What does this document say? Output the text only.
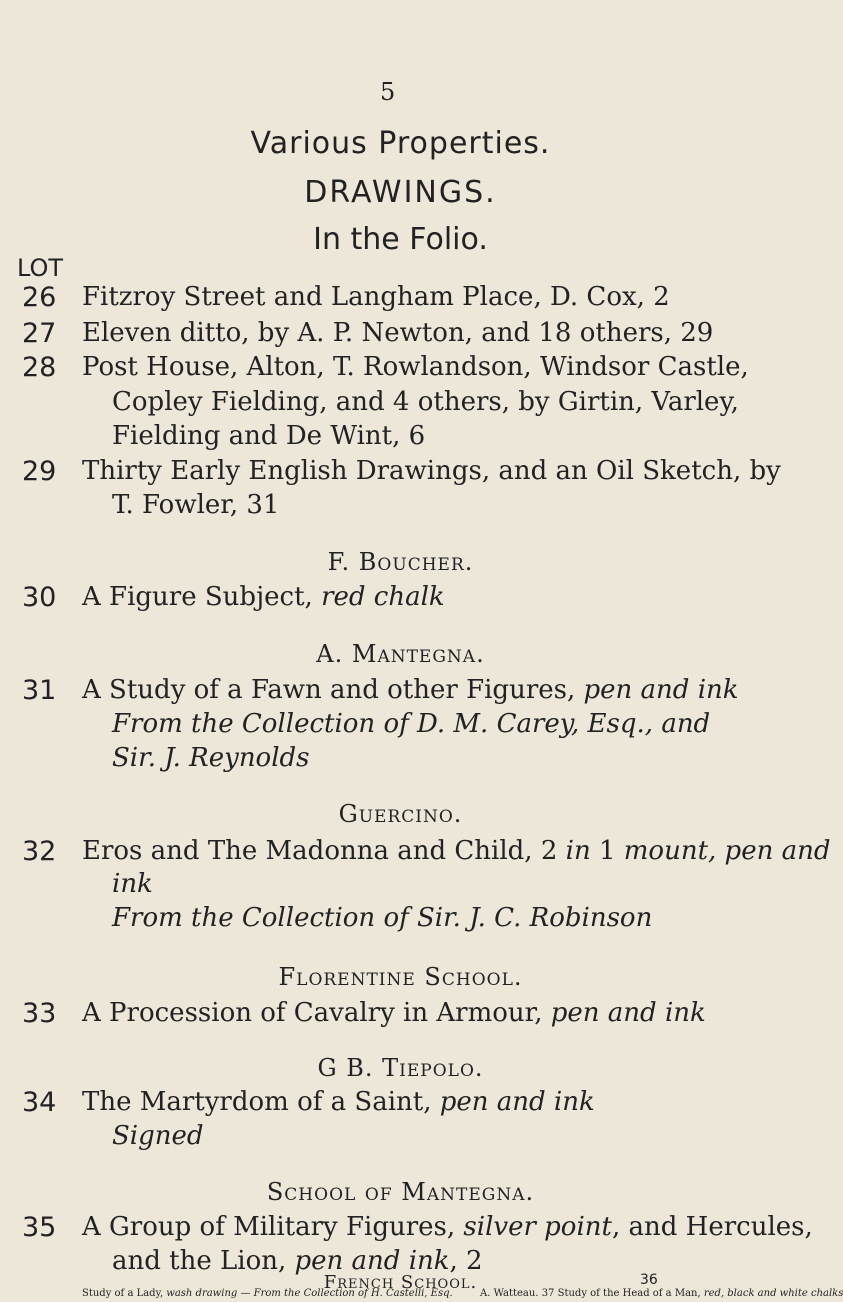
5
Various Properties.
DRAWINGS.
In the Folio.
LOT
26 Fitzroy Street and Langham Place, D. Cox, 2
27 Eleven ditto, by A. P. Newton, and 18 others, 29
28 Post House, Alton, T. Rowlandson, Windsor Castle,
Copley Fielding, and 4 others, by Girtin, Varley,
Fielding and De Wint, 6
29 Thirty Early English Drawings, and an Oil Sketch, by
T. Fowler, 31
F. Boucher.
30 A Figure Subject, red chalk
A. Mantegna.
A Study of a Fawn and other Figures, pen and ink
31
From the Collection of D. M. Carey, Esq., and
Sir. J. Reynolds
Guercino.
32 Eros and The Madonna and Child, 2 in 1 mount, pen and
ink
From the Collection of Sir. J. C. Robinson
Florentine School.
33 A Procession of Cavalry in Armour, pen and ink
G B. Tiepolo.
34 The Martyrdom of a Saint, pen and ink
Signed
School of Mantegna.
35 A Group of Military Figures, silver point, and Hercules,
and the Lion, pen and ink, 2
French School.	36
Study of a Lady, wash drawing — From the Collection of H. Castelli, Esq.	A. Watteau. 37 Study of the Head of a Man, red, black and white chalks
